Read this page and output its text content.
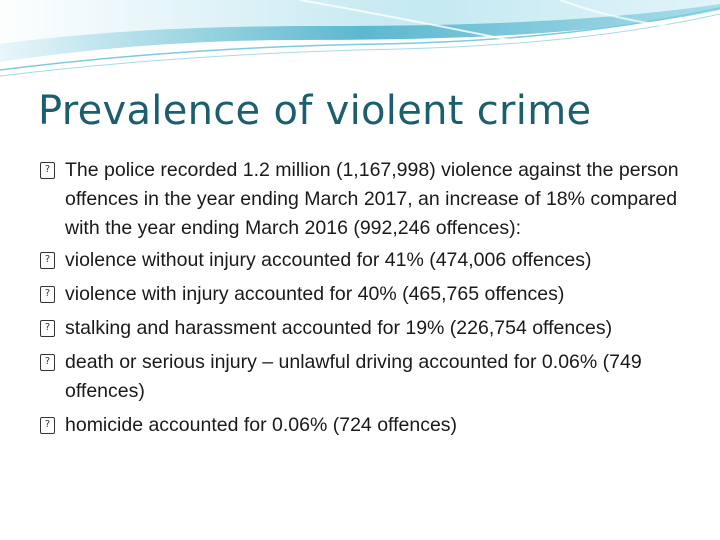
Prevalence of violent crime
? The police recorded 1.2 million (1,167,998) violence against the person offences in the year ending March 2017, an increase of 18% compared with the year ending March 2016 (992,246 offences):
? violence without injury accounted for 41% (474,006 offences)
? violence with injury accounted for 40% (465,765 offences)
? stalking and harassment accounted for 19% (226,754 offences)
? death or serious injury – unlawful driving accounted for 0.06% (749 offences)
? homicide accounted for 0.06% (724 offences)
